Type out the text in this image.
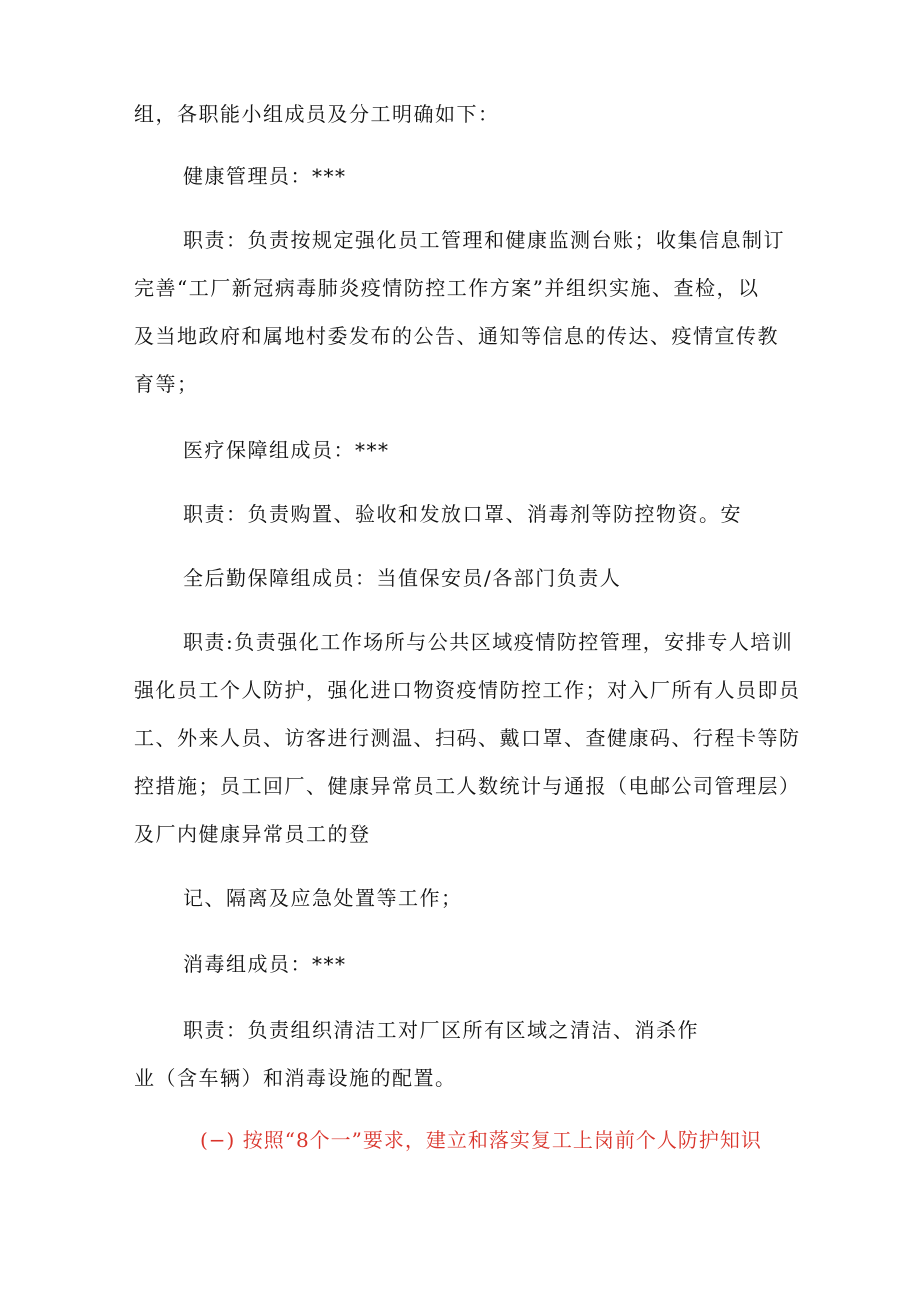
组，各职能小组成员及分工明确如下：
健康管理员：***
职责：负责按规定强化员工管理和健康监测台账；收集信息制订
完善“工厂新冠病毒肺炎疫情防控工作方案”并组织实施、查检，以
及当地政府和属地村委发布的公告、通知等信息的传达、疫情宣传教
育等；
医疗保障组成员：***
职责：负责购置、验收和发放口罩、消毒剂等防控物资。安
全后勤保障组成员：当值保安员/各部门负责人
职责:负责强化工作场所与公共区域疫情防控管理，安排专人培训
强化员工个人防护，强化进口物资疫情防控工作；对入厂所有人员即员
工、外来人员、访客进行测温、扫码、戴口罩、查健康码、行程卡等防
控措施；员工回厂、健康异常员工人数统计与通报（电邮公司管理层）
及厂内健康异常员工的登
记、隔离及应急处置等工作；
消毒组成员：***
职责：负责组织清洁工对厂区所有区域之清洁、消杀作
业（含车辆）和消毒设施的配置。
(−) 按照“8个一”要求，建立和落实复工上岗前个人防护知识
